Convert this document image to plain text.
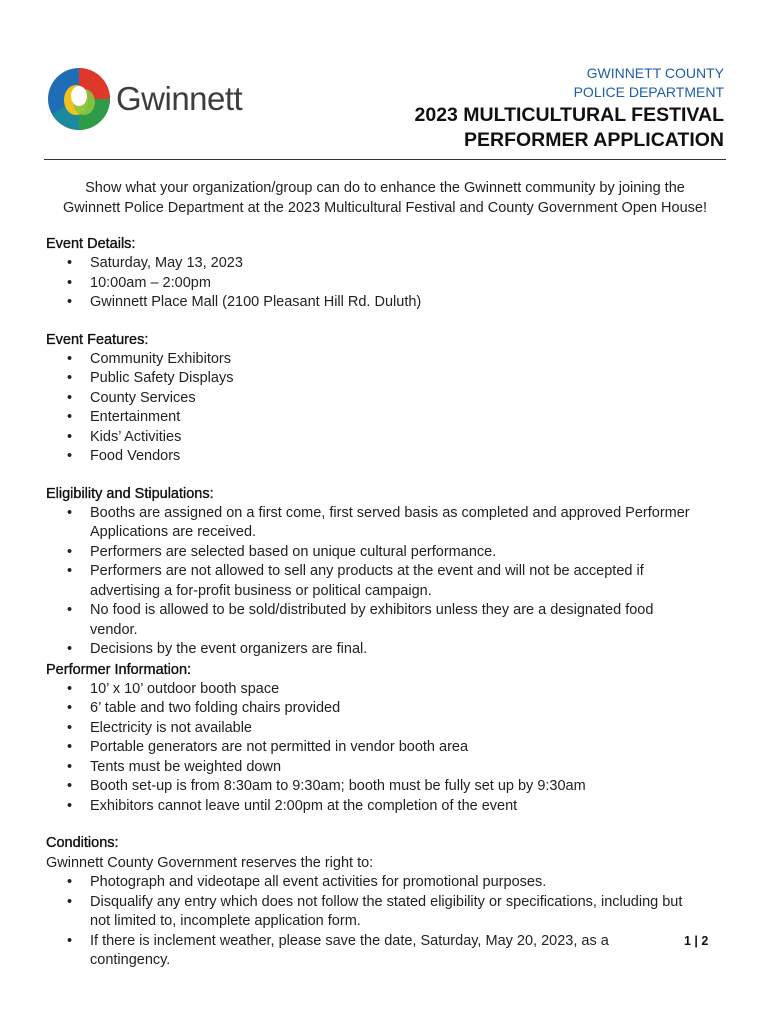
Gwinnett
GWINNETT COUNTY
POLICE DEPARTMENT
2023 MULTICULTURAL FESTIVAL
PERFORMER APPLICATION
Show what your organization/group can do to enhance the Gwinnett community by joining the
Gwinnett Police Department at the 2023 Multicultural Festival and County Government Open House!
Event Details:
• Saturday, May 13, 2023
• 10:00am – 2:00pm
• Gwinnett Place Mall (2100 Pleasant Hill Rd. Duluth)
Event Features:
• Community Exhibitors
• Public Safety Displays
• County Services
• Entertainment
• Kids’ Activities
• Food Vendors
Eligibility and Stipulations:
• Booths are assigned on a first come, first served basis as completed and approved Performer
Applications are received.
• Performers are selected based on unique cultural performance.
• Performers are not allowed to sell any products at the event and will not be accepted if
advertising a for-profit business or political campaign.
• No food is allowed to be sold/distributed by exhibitors unless they are a designated food
vendor.
• Decisions by the event organizers are final.
Performer Information:
• 10’ x 10’ outdoor booth space
• 6’ table and two folding chairs provided
• Electricity is not available
• Portable generators are not permitted in vendor booth area
• Tents must be weighted down
• Booth set-up is from 8:30am to 9:30am; booth must be fully set up by 9:30am
• Exhibitors cannot leave until 2:00pm at the completion of the event
Conditions:
Gwinnett County Government reserves the right to:
• Photograph and videotape all event activities for promotional purposes.
• Disqualify any entry which does not follow the stated eligibility or specifications, including but
not limited to, incomplete application form.
• If there is inclement weather, please save the date, Saturday, May 20, 2023, as a
contingency.
1 | 2
